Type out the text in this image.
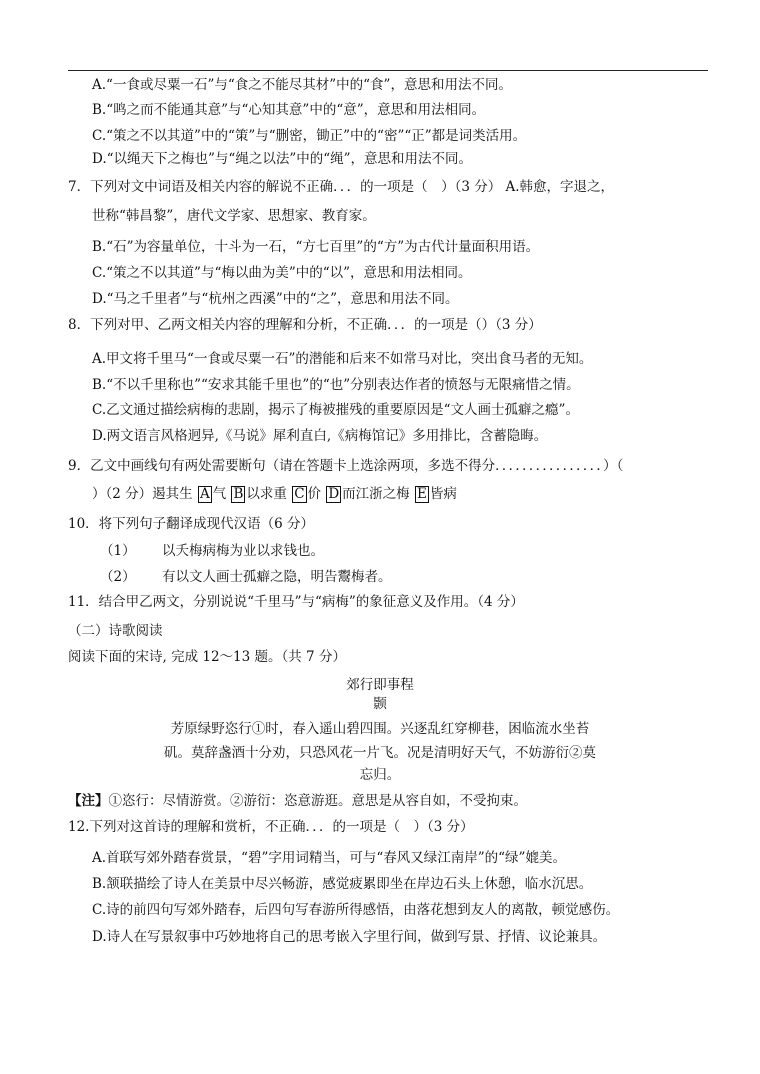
A.“一食或尽粟一石”与“食之不能尽其材”中的“食”，意思和用法不同。
B.“鸣之而不能通其意”与“心知其意”中的“意”，意思和用法相同。
C.“策之不以其道”中的“策”与“删密，锄正”中的“密”“正”都是词类活用。
D.“以绳天下之梅也”与“绳之以法”中的“绳”，意思和用法不同。
7．下列对文中词语及相关内容的解说不正确．．．的一项是（　）（3 分） A.韩愈，字退之，
世称“韩昌黎”，唐代文学家、思想家、教育家。
B.“石”为容量单位，十斗为一石，“方七百里”的“方”为古代计量面积用语。
C.“策之不以其道”与“梅以曲为美”中的“以”，意思和用法相同。
D.“马之千里者”与“杭州之西溪”中的“之”，意思和用法不同。
8．下列对甲、乙两文相关内容的理解和分析，不正确．．．的一项是（）（3 分）
A.甲文将千里马“一食或尽粟一石”的潜能和后来不如常马对比，突出食马者的无知。
B.“不以千里称也”“安求其能千里也”的“也”分别表达作者的愤怒与无限痛惜之情。
C.乙文通过描绘病梅的悲剧，揭示了梅被摧残的重要原因是“文人画士孤癖之瘾”。
D.两文语言风格迥异,《马说》犀利直白,《病梅馆记》多用排比，含蓄隐晦。
9．乙文中画线句有两处需要断句（请在答题卡上选涂两项，多选不得分．．．．．．．．．．．．．．．．）（
）（2 分）遏其生 A 气 B 以求重 C 价 D 而江浙之梅 E 皆病
10．将下列句子翻译成现代汉语（6 分）
（1） 以夭梅病梅为业以求钱也。
（2） 有以文人画士孤癖之隐，明告鬻梅者。
11．结合甲乙两文，分别说说“千里马”与“病梅”的象征意义及作用。（4 分）
（二）诗歌阅读
阅读下面的宋诗, 完成 12～13 题。（共 7 分）
郊行即事程
颢
芳原绿野恣行①时，春入遥山碧四围。兴逐乱红穿柳巷，困临流水坐苔
矶。莫辞盏酒十分劝，只恐风花一片飞。况是清明好天气，不妨游衍②莫
忘归。
【注】①恣行：尽情游赏。②游衍：恣意游逛。意思是从容自如，不受拘束。
12.下列对这首诗的理解和赏析，不正确．．．的一项是（　）（3 分）
A.首联写郊外踏春赏景，“碧”字用词精当，可与“春风又绿江南岸”的“绿”媲美。
B.颔联描绘了诗人在美景中尽兴畅游，感觉疲累即坐在岸边石头上休憩，临水沉思。
C.诗的前四句写郊外踏春，后四句写春游所得感悟，由落花想到友人的离散，顿觉感伤。
D.诗人在写景叙事中巧妙地将自己的思考嵌入字里行间，做到写景、抒情、议论兼具。
